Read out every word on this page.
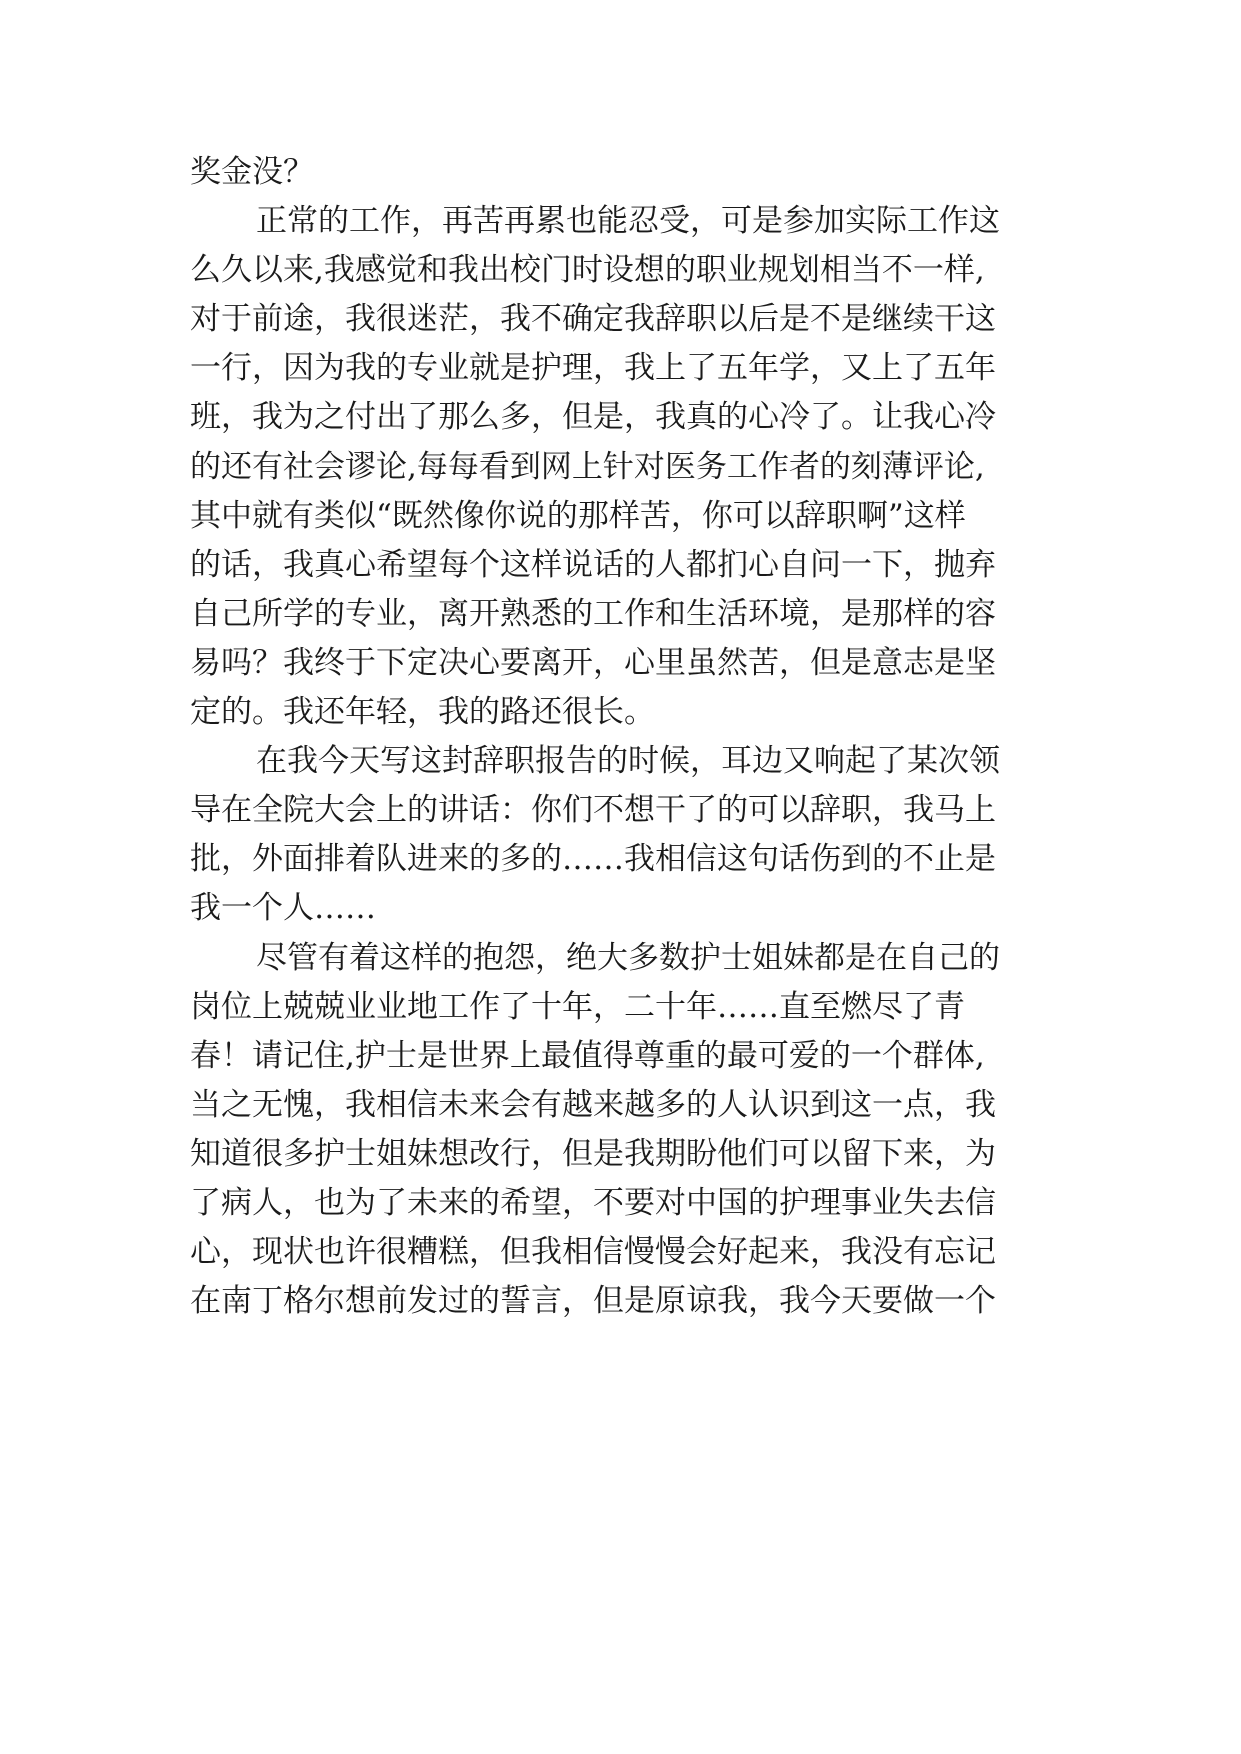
奖金没？
正常的工作，再苦再累也能忍受，可是参加实际工作这
么久以来,我感觉和我出校门时设想的职业规划相当不一样,
对于前途，我很迷茫，我不确定我辞职以后是不是继续干这
一行，因为我的专业就是护理，我上了五年学，又上了五年
班，我为之付出了那么多，但是，我真的心冷了。让我心冷
的还有社会谬论,每每看到网上针对医务工作者的刻薄评论,
其中就有类似“既然像你说的那样苦，你可以辞职啊”这样
的话，我真心希望每个这样说话的人都扪心自问一下，抛弃
自己所学的专业，离开熟悉的工作和生活环境，是那样的容
易吗？我终于下定决心要离开，心里虽然苦，但是意志是坚
定的。我还年轻，我的路还很长。
在我今天写这封辞职报告的时候，耳边又响起了某次领
导在全院大会上的讲话：你们不想干了的可以辞职，我马上
批，外面排着队进来的多的……我相信这句话伤到的不止是
我一个人……
尽管有着这样的抱怨，绝大多数护士姐妹都是在自己的
岗位上兢兢业业地工作了十年，二十年……直至燃尽了青
春！请记住,护士是世界上最值得尊重的最可爱的一个群体,
当之无愧，我相信未来会有越来越多的人认识到这一点，我
知道很多护士姐妹想改行，但是我期盼他们可以留下来，为
了病人，也为了未来的希望，不要对中国的护理事业失去信
心，现状也许很糟糕，但我相信慢慢会好起来，我没有忘记
在南丁格尔想前发过的誓言，但是原谅我，我今天要做一个
